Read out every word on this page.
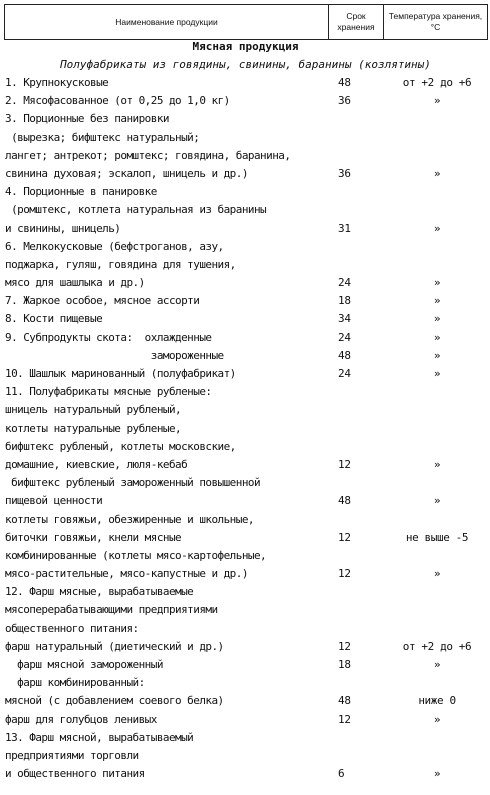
Наименование продукции	Срок хранения	Температура хранения, °С
Мясная продукция
Полуфабрикаты из говядины, свинины, баранины (козлятины)
1. Крупнокусковые	48	от +2 до +6
2. Мясофасованное (от 0,25 до 1,0 кг)	36	»
3. Порционные без панировки
(вырезка; бифштекс натуральный;
лангет; антрекот; ромштекс; говядина, баранина,
свинина духовая; эскалоп, шницель и др.)	36	»
4. Порционные в панировке
(ромштекс, котлета натуральная из баранины
и свинины, шницель)	31	»
6. Мелкокусковые (бефстроганов, азу,
поджарка, гуляш, говядина для тушения,
мясо для шашлыка и др.)	24	»
7. Жаркое особое, мясное ассорти	18	»
8. Кости пищевые	34	»
9. Субпродукты скота:  охлажденные	24	»
замороженные	48	»
10. Шашлык маринованный (полуфабрикат)	24	»
11. Полуфабрикаты мясные рубленые:
шницель натуральный рубленый,
котлеты натуральные рубленые,
бифштекс рубленый, котлеты московские,
домашние, киевские, люля-кебаб	12	»
бифштекс рубленый замороженный повышенной
пищевой ценности	48	»
котлеты говяжьи, обезжиренные и школьные,
биточки говяжьи, кнели мясные	12	не выше -5
комбинированные (котлеты мясо-картофельные,
мясо-растительные, мясо-капустные и др.)	12	»
12. Фарш мясные, вырабатываемые
мясоперерабатывающими предприятиями
общественного питания:
фарш натуральный (диетический и др.)	12	от +2 до +6
фарш мясной замороженный	18	»
фарш комбинированный:
мясной (с добавлением соевого белка)	48	ниже 0
фарш для голубцов ленивых	12	»
13. Фарш мясной, вырабатываемый
предприятиями торговли
и общественного питания	6	»
